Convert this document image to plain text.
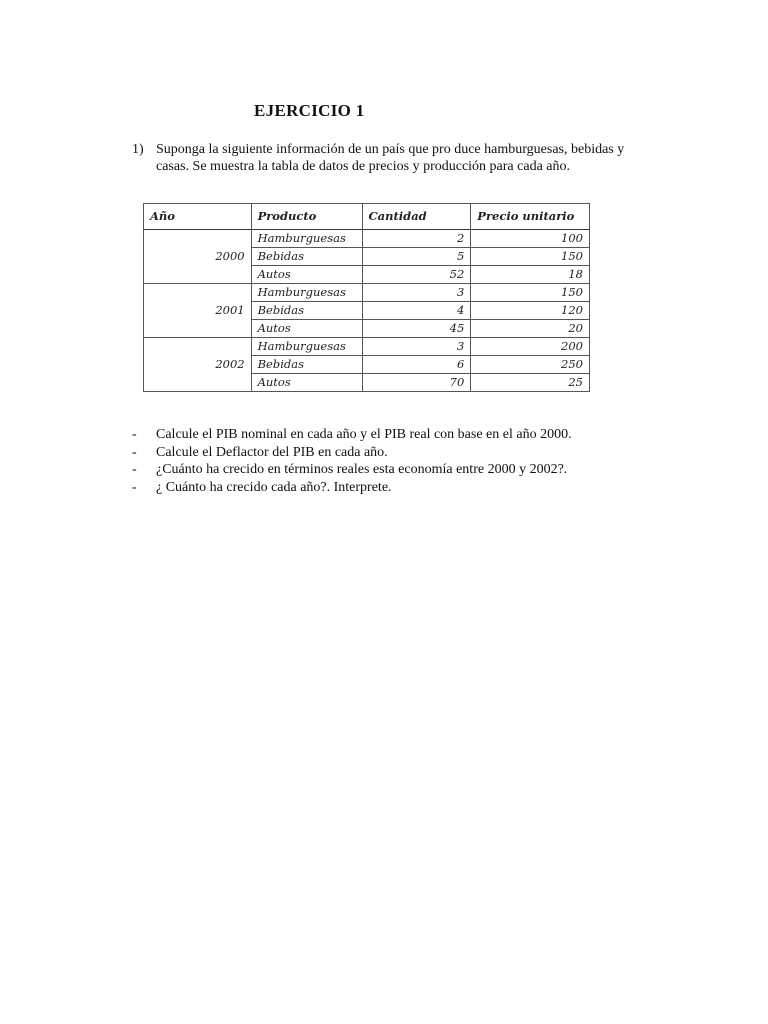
EJERCICIO 1
1) Suponga la siguiente información de un país que pro duce hamburguesas, bebidas y casas. Se muestra la tabla de datos de precios y producción para cada año.
Año	Producto	Cantidad	Precio unitario
2000	Hamburguesas	2	100
	Bebidas	5	150
	Autos	52	18
2001	Hamburguesas	3	150
	Bebidas	4	120
	Autos	45	20
2002	Hamburguesas	3	200
	Bebidas	6	250
	Autos	70	25
- Calcule el PIB nominal en cada año y el PIB real con base en el año 2000.
- Calcule el Deflactor del PIB en cada año.
- ¿Cuánto ha crecido en términos reales esta economía entre 2000 y 2002?.
- ¿ Cuánto ha crecido cada año?. Interprete.
